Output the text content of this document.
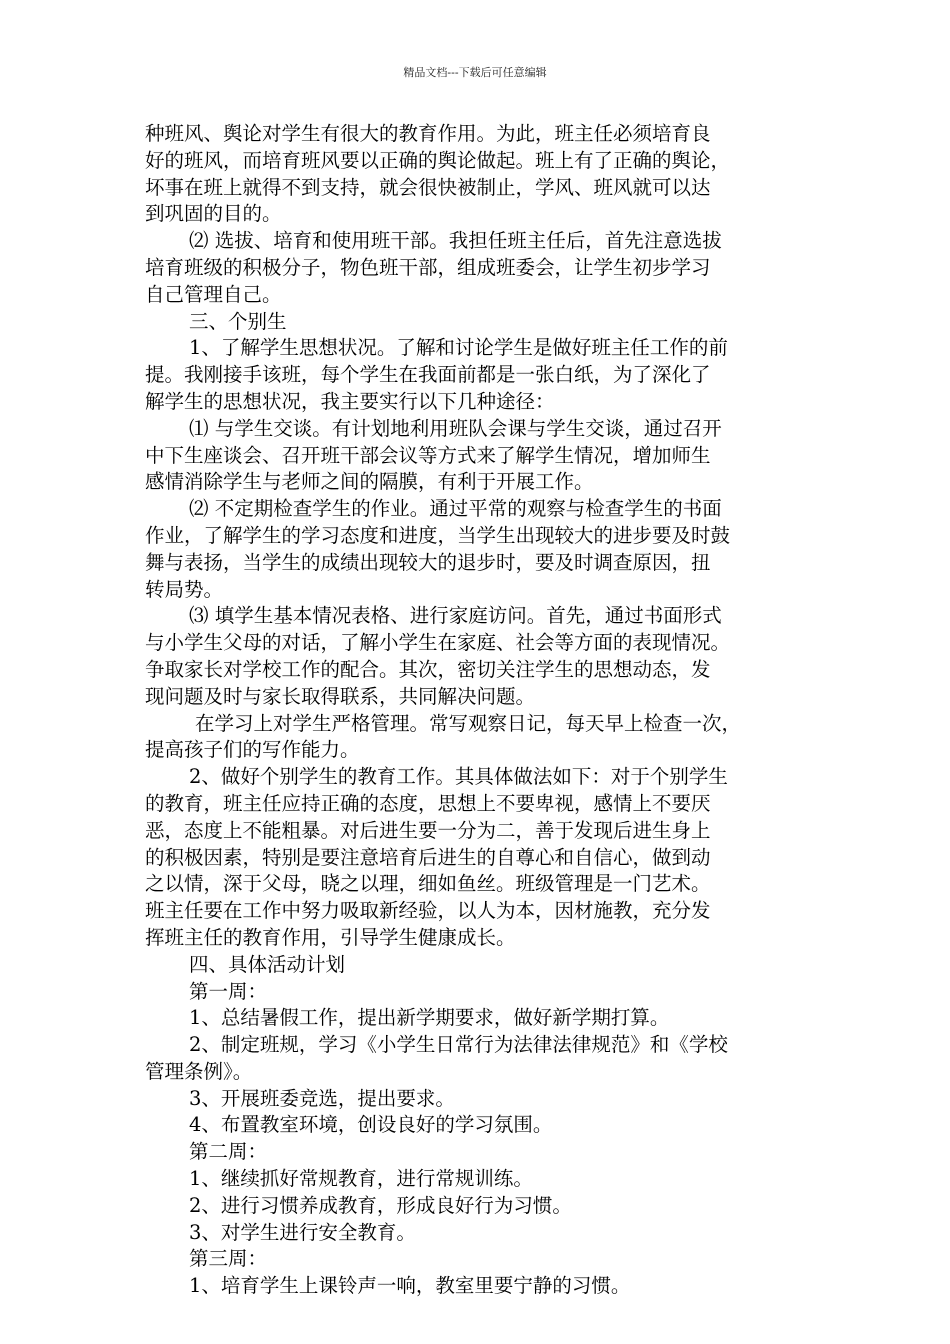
精品文档---下载后可任意编辑
种班风、舆论对学生有很大的教育作用。为此，班主任必须培育良
好的班风，而培育班风要以正确的舆论做起。班上有了正确的舆论，
坏事在班上就得不到支持，就会很快被制止，学风、班风就可以达
到巩固的目的。
⑵ 选拔、培育和使用班干部。我担任班主任后，首先注意选拔
培育班级的积极分子，物色班干部，组成班委会，让学生初步学习
自己管理自己。
三、个别生
1、了解学生思想状况。了解和讨论学生是做好班主任工作的前
提。我刚接手该班，每个学生在我面前都是一张白纸，为了深化了
解学生的思想状况，我主要实行以下几种途径：
⑴ 与学生交谈。有计划地利用班队会课与学生交谈，通过召开
中下生座谈会、召开班干部会议等方式来了解学生情况，增加师生
感情消除学生与老师之间的隔膜，有利于开展工作。
⑵ 不定期检查学生的作业。通过平常的观察与检查学生的书面
作业，了解学生的学习态度和进度，当学生出现较大的进步要及时鼓
舞与表扬，当学生的成绩出现较大的退步时，要及时调查原因，扭
转局势。
⑶ 填学生基本情况表格、进行家庭访问。首先，通过书面形式
与小学生父母的对话，了解小学生在家庭、社会等方面的表现情况。
争取家长对学校工作的配合。其次，密切关注学生的思想动态，发
现问题及时与家长取得联系，共同解决问题。
在学习上对学生严格管理。常写观察日记，每天早上检查一次，
提高孩子们的写作能力。
2、做好个别学生的教育工作。其具体做法如下：对于个别学生
的教育，班主任应持正确的态度，思想上不要卑视，感情上不要厌
恶，态度上不能粗暴。对后进生要一分为二，善于发现后进生身上
的积极因素，特别是要注意培育后进生的自尊心和自信心，做到动
之以情，深于父母，晓之以理，细如鱼丝。班级管理是一门艺术。
班主任要在工作中努力吸取新经验，以人为本，因材施教，充分发
挥班主任的教育作用，引导学生健康成长。
四、具体活动计划
第一周：
1、总结暑假工作，提出新学期要求，做好新学期打算。
2、制定班规，学习《小学生日常行为法律法律规范》和《学校
管理条例》。
3、开展班委竞选，提出要求。
4、布置教室环境，创设良好的学习氛围。
第二周：
1、继续抓好常规教育，进行常规训练。
2、进行习惯养成教育，形成良好行为习惯。
3、对学生进行安全教育。
第三周：
1、培育学生上课铃声一响，教室里要宁静的习惯。
